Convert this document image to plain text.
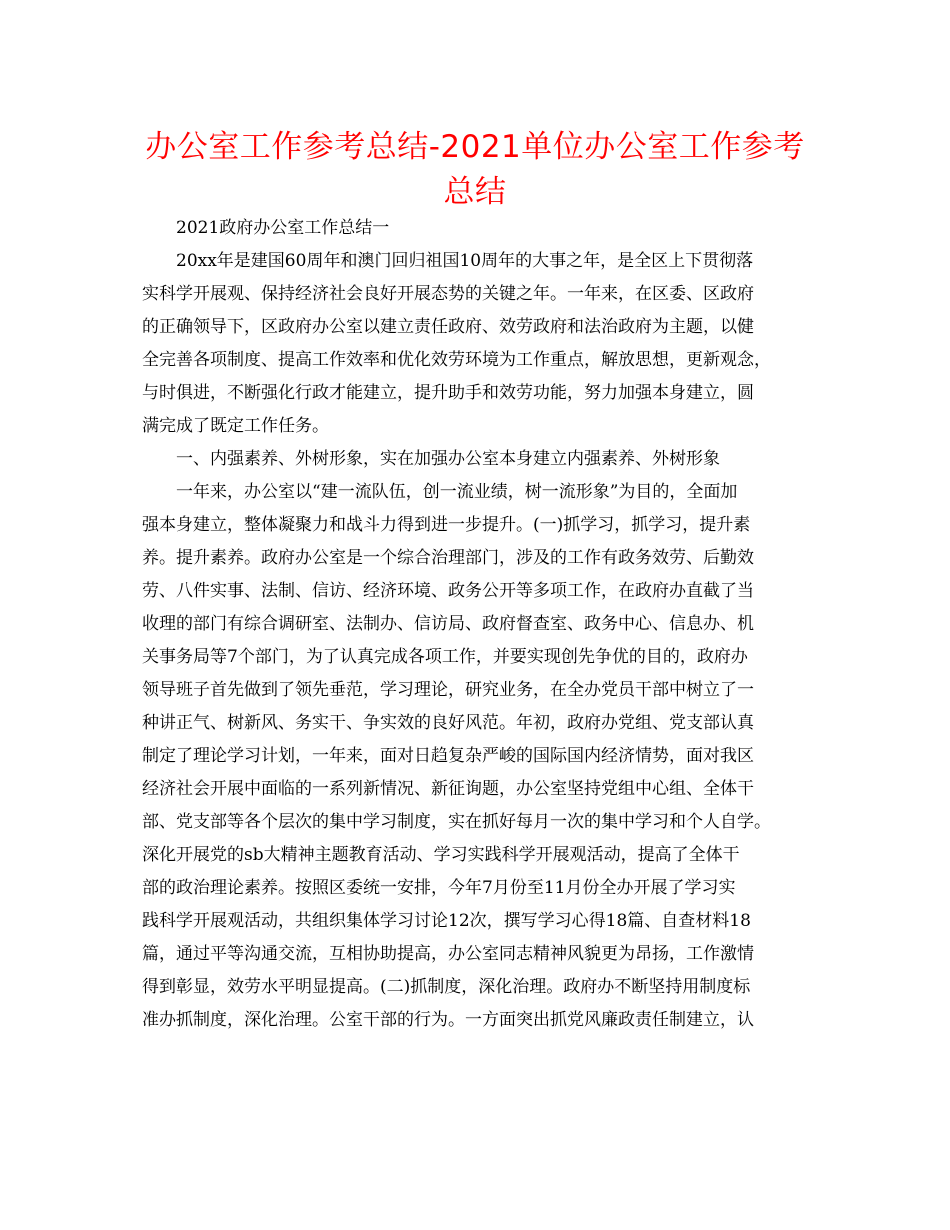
办公室工作参考总结-2021单位办公室工作参考
总结
2021政府办公室工作总结一
20xx年是建国60周年和澳门回归祖国10周年的大事之年，是全区上下贯彻落
实科学开展观、保持经济社会良好开展态势的关键之年。一年来，在区委、区政府
的正确领导下，区政府办公室以建立责任政府、效劳政府和法治政府为主题，以健
全完善各项制度、提高工作效率和优化效劳环境为工作重点，解放思想，更新观念，
与时俱进，不断强化行政才能建立，提升助手和效劳功能，努力加强本身建立，圆
满完成了既定工作任务。
一、内强素养、外树形象，实在加强办公室本身建立内强素养、外树形象
一年来，办公室以“建一流队伍，创一流业绩，树一流形象”为目的，全面加
强本身建立，整体凝聚力和战斗力得到进一步提升。(一)抓学习，抓学习，提升素
养。提升素养。政府办公室是一个综合治理部门，涉及的工作有政务效劳、后勤效
劳、八件实事、法制、信访、经济环境、政务公开等多项工作，在政府办直截了当
收理的部门有综合调研室、法制办、信访局、政府督查室、政务中心、信息办、机
关事务局等7个部门，为了认真完成各项工作，并要实现创先争优的目的，政府办
领导班子首先做到了领先垂范，学习理论，研究业务，在全办党员干部中树立了一
种讲正气、树新风、务实干、争实效的良好风范。年初，政府办党组、党支部认真
制定了理论学习计划，一年来，面对日趋复杂严峻的国际国内经济情势，面对我区
经济社会开展中面临的一系列新情况、新征询题，办公室坚持党组中心组、全体干
部、党支部等各个层次的集中学习制度，实在抓好每月一次的集中学习和个人自学。
深化开展党的sb大精神主题教育活动、学习实践科学开展观活动，提高了全体干
部的政治理论素养。按照区委统一安排，今年7月份至11月份全办开展了学习实
践科学开展观活动，共组织集体学习讨论12次，撰写学习心得18篇、自查材料18
篇，通过平等沟通交流，互相协助提高，办公室同志精神风貌更为昂扬，工作激情
得到彰显，效劳水平明显提高。(二)抓制度，深化治理。政府办不断坚持用制度标
准办抓制度，深化治理。公室干部的行为。一方面突出抓党风廉政责任制建立，认
